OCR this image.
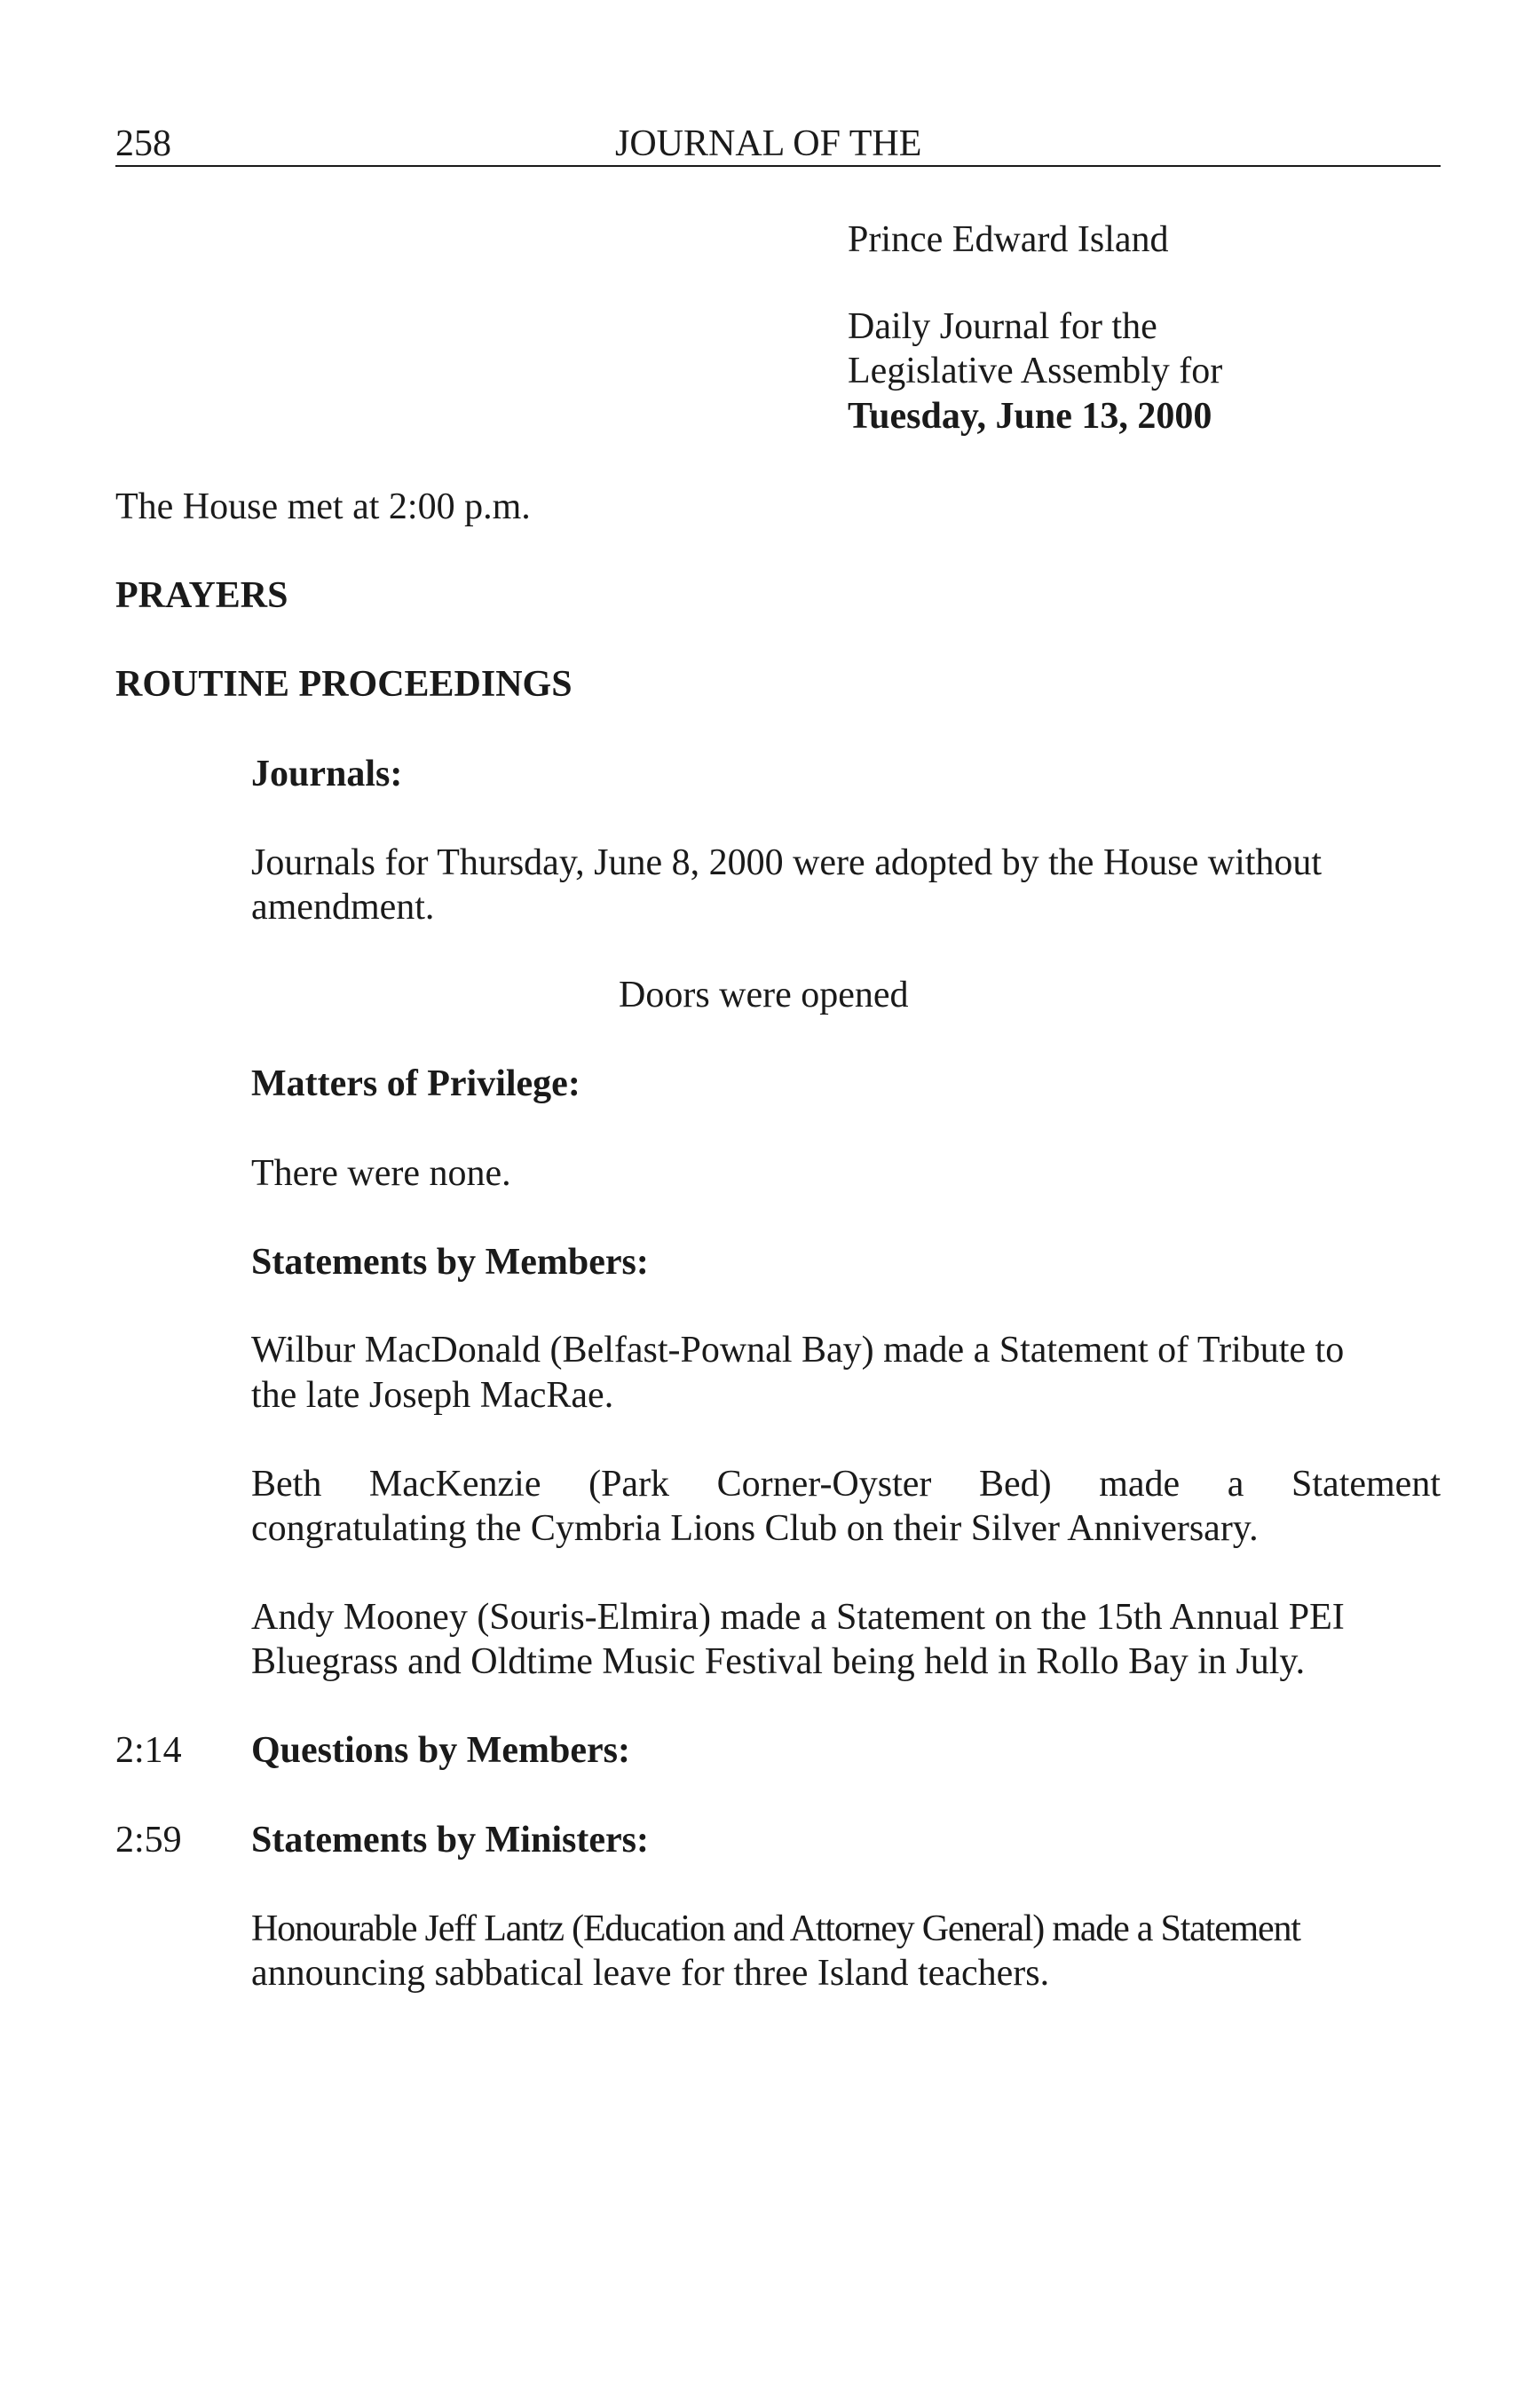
258	JOURNAL OF THE
Prince Edward Island
Daily Journal for the
Legislative Assembly for
Tuesday, June 13, 2000
The House met at 2:00 p.m.
PRAYERS
ROUTINE PROCEEDINGS
Journals:
Journals for Thursday, June 8, 2000 were adopted by the House without
amendment.
Doors were opened
Matters of Privilege:
There were none.
Statements by Members:
Wilbur MacDonald (Belfast-Pownal Bay) made a Statement of Tribute to
the late Joseph MacRae.
Beth MacKenzie (Park Corner-Oyster Bed) made a Statement
congratulating the Cymbria Lions Club on their Silver Anniversary.
Andy Mooney (Souris-Elmira) made a Statement on the 15th Annual PEI
Bluegrass and Oldtime Music Festival being held in Rollo Bay in July.
2:14 Questions by Members:
2:59 Statements by Ministers:
Honourable Jeff Lantz (Education and Attorney General) made a Statement
announcing sabbatical leave for three Island teachers.
